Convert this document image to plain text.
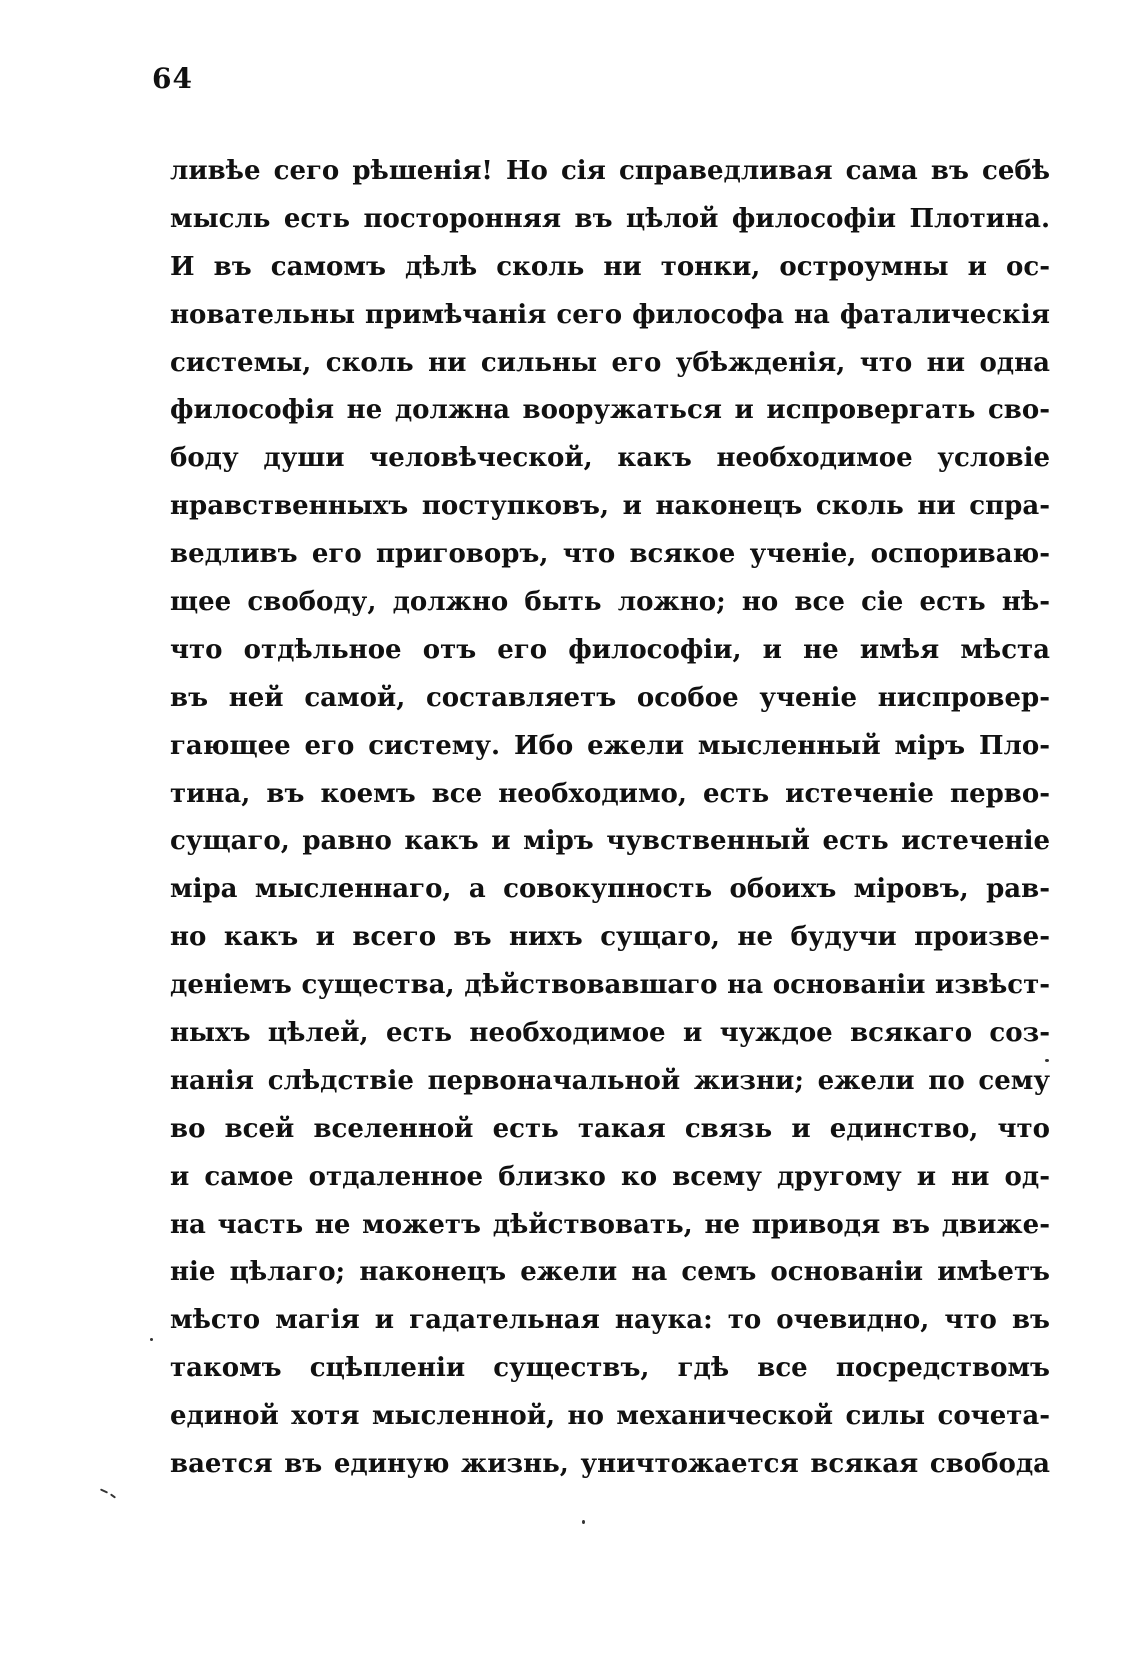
64
ливѣе сего рѣшенія! Но сія справедливая сама въ себѣ
мысль есть посторонняя въ цѣлой философіи Плотина.
И въ самомъ дѣлѣ сколь ни тонки, остроумны и ос-
новательны примѣчанія сего философа на фаталическія
системы, сколь ни сильны его убѣжденія, что ни одна
философія не должна вооружаться и испровергать сво-
боду души человѣческой, какъ необходимое условіе
нравственныхъ поступковъ, и наконецъ сколь ни спра-
ведливъ его приговоръ, что всякое ученіе, оспориваю-
щее свободу, должно быть ложно; но все сіе есть нѣ-
что отдѣльное отъ его философіи, и не имѣя мѣста
въ ней самой, составляетъ особое ученіе ниспровер-
гающее его систему. Ибо ежели мысленный міръ Пло-
тина, въ коемъ все необходимо, есть истеченіе перво-
сущаго, равно какъ и міръ чувственный есть истеченіе
міра мысленнаго, а совокупность обоихъ міровъ, рав-
но какъ и всего въ нихъ сущаго, не будучи произве-
деніемъ существа, дѣйствовавшаго на основаніи извѣст-
ныхъ цѣлей, есть необходимое и чуждое всякаго соз-
нанія слѣдствіе первоначальной жизни; ежели по сему
во всей вселенной есть такая связь и единство, что
и самое отдаленное близко ко всему другому и ни од-
на часть не можетъ дѣйствовать, не приводя въ движе-
ніе цѣлаго; наконецъ ежели на семъ основаніи имѣетъ
мѣсто магія и гадательная наука: то очевидно, что въ
такомъ сцѣпленіи существъ, гдѣ все посредствомъ
единой хотя мысленной, но механической силы сочета-
вается въ единую жизнь, уничтожается всякая свобода
